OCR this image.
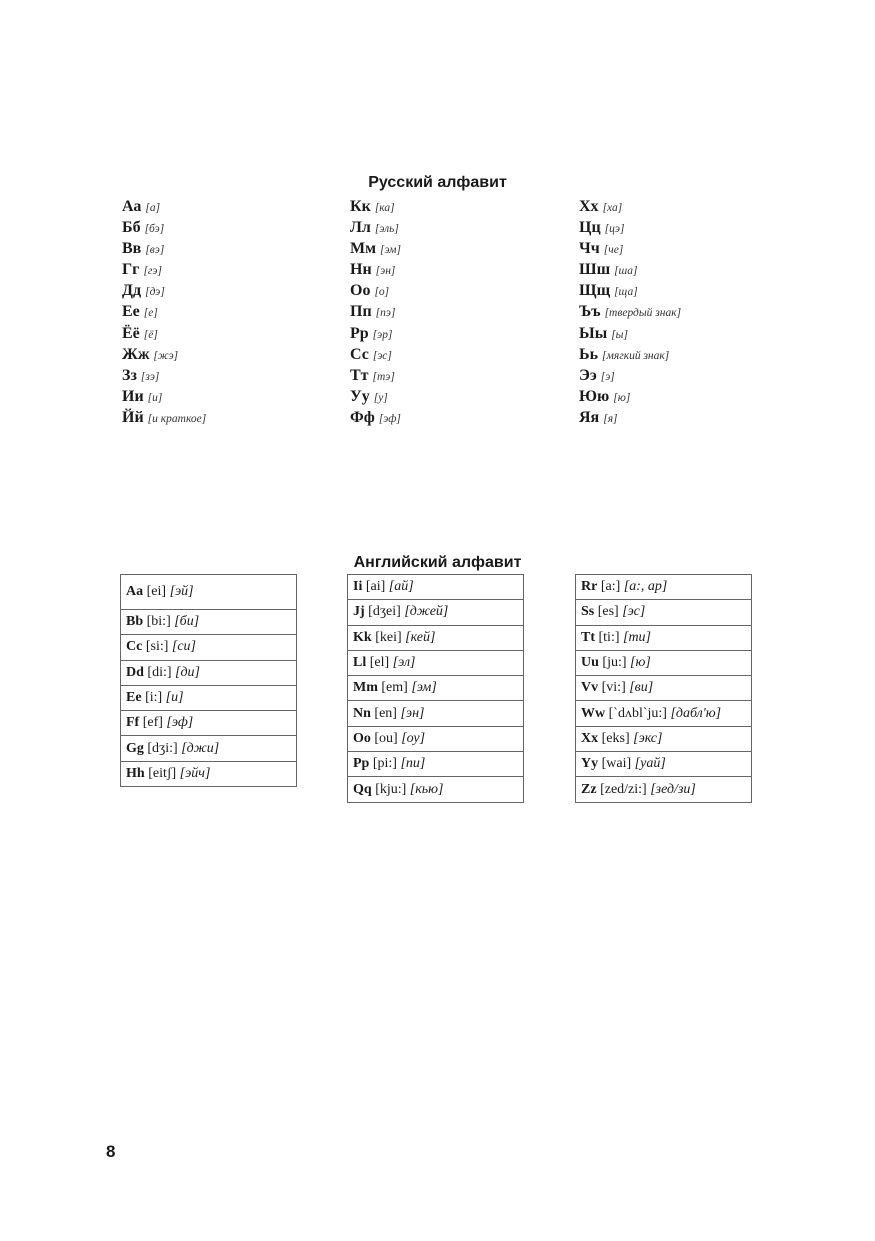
Русский алфавит
Аа [а]
Бб [бэ]
Вв [вэ]
Гг [гэ]
Дд [дэ]
Ее [е]
Ёё [ё]
Жж [жэ]
Зз [зэ]
Ии [и]
Йй [и краткое]
Кк [ка]
Лл [эль]
Мм [эм]
Нн [эн]
Оо [о]
Пп [пэ]
Рр [эр]
Сс [эс]
Тт [тэ]
Уу [у]
Фф [эф]
Хх [ха]
Цц [цэ]
Чч [че]
Шш [ша]
Щщ [ща]
Ъъ [твердый знак]
Ыы [ы]
Ьь [мягкий знак]
Ээ [э]
Юю [ю]
Яя [я]
Английский алфавит
Aa [ei] [эй]
Bb [bi:] [би]
Cc [si:] [си]
Dd [di:] [ди]
Ee [i:] [и]
Ff [ef] [эф]
Gg [dʒi:] [джи]
Hh [eitʃ] [эйч]
Ii [ai] [ай]
Jj [dʒei] [джей]
Kk [kei] [кей]
Ll [el] [эл]
Mm [em] [эм]
Nn [en] [эн]
Oo [ou] [оу]
Pp [pi:] [пи]
Qq [kju:] [кью]
Rr [a:] [a:, ар]
Ss [es] [эс]
Tt [ti:] [ти]
Uu [ju:] [ю]
Vv [vi:] [ви]
Ww [`dʌbl`ju:] [дабл'ю]
Xx [eks] [экс]
Yy [wai] [уай]
Zz [zed/zi:] [зед/зи]

8
